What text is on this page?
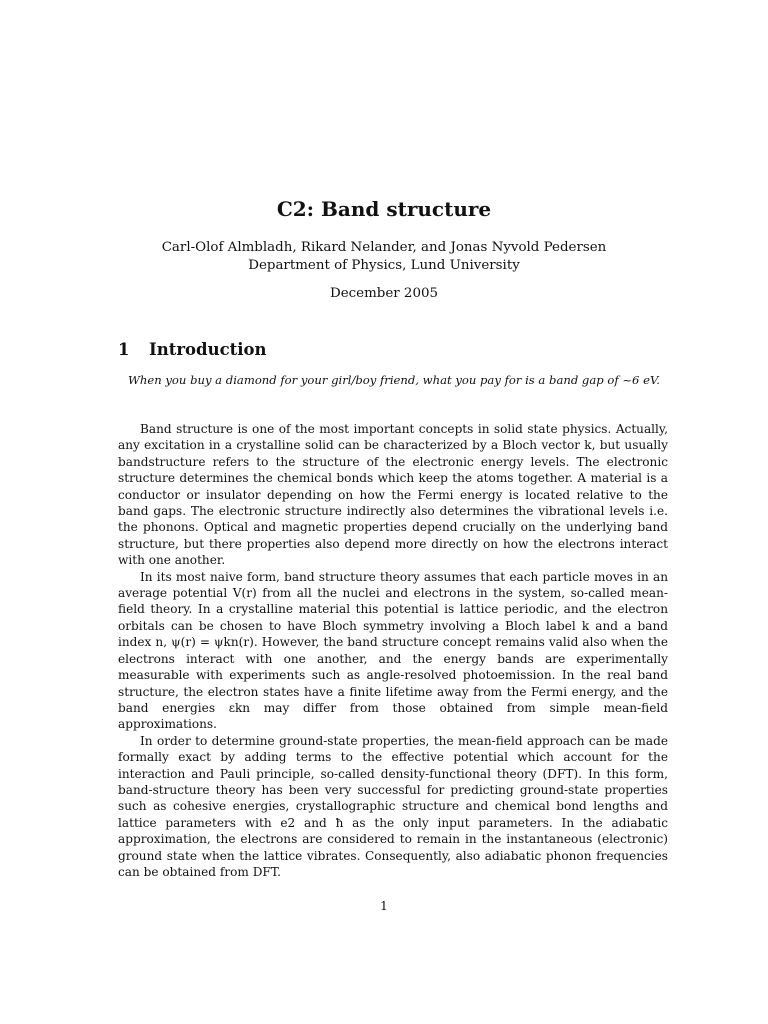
C2: Band structure
Carl-Olof Almbladh, Rikard Nelander, and Jonas Nyvold Pedersen
Department of Physics, Lund University
December 2005
1 Introduction
When you buy a diamond for your girl/boy friend, what you pay for is a band gap of ~6 eV.

Band structure is one of the most important concepts in solid state physics. Actually, any excitation in a crystalline solid can be characterized by a Bloch vector k, but usually bandstructure refers to the structure of the electronic energy levels. The electronic structure determines the chemical bonds which keep the atoms together. A material is a conductor or insulator depending on how the Fermi energy is located relative to the band gaps. The electronic structure indirectly also determines the vibrational levels i.e. the phonons. Optical and magnetic properties depend crucially on the underlying band structure, but there properties also depend more directly on how the electrons interact with one another.

In its most naive form, band structure theory assumes that each particle moves in an average potential V(r) from all the nuclei and electrons in the system, so-called mean-field theory. In a crystalline material this potential is lattice periodic, and the electron orbitals can be chosen to have Bloch symmetry involving a Bloch label k and a band index n, ψ(r) = ψkn(r). However, the band structure concept remains valid also when the electrons interact with one another, and the energy bands are experimentally measurable with experiments such as angle-resolved photoemission. In the real band structure, the electron states have a finite lifetime away from the Fermi energy, and the band energies εkn may differ from those obtained from simple mean-field approximations.

In order to determine ground-state properties, the mean-field approach can be made formally exact by adding terms to the effective potential which account for the interaction and Pauli principle, so-called density-functional theory (DFT). In this form, band-structure theory has been very successful for predicting ground-state properties such as cohesive energies, crystallographic structure and chemical bond lengths and lattice parameters with e2 and ħ as the only input parameters. In the adiabatic approximation, the electrons are considered to remain in the instantaneous (electronic) ground state when the lattice vibrates. Consequently, also adiabatic phonon frequencies can be obtained from DFT.

1
